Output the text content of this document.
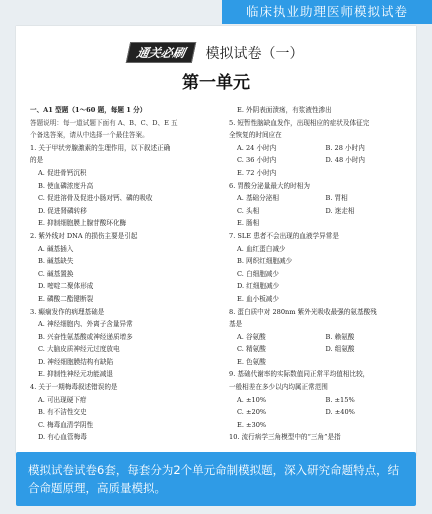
临床执业助理医师模拟试卷
通关必刷 模拟试卷（一）
第一单元
一、A1 型题（1～60 题，每题 1 分）
答题说明：每一道试题下面有 A、B、C、D、E 五
个备选答案，请从中选择一个最佳答案。
1. 关于甲状旁腺激素的生理作用，以下叙述正确
的是
A. 促进骨钙沉积
B. 使血磷浓度升高
C. 促进溶骨及促进小肠对钙、磷的吸收
D. 促进肾磷转移
E. 抑制细胞膜上腺苷酸环化酶
2. 紫外线对 DNA 的损伤主要是引起
A. 碱基插入
B. 碱基缺失
C. 碱基置换
D. 嘧啶二聚体形成
E. 磷酸二酯键断裂
3. 癫痫发作的病理基础是
A. 神经细胞内、外离子含量异常
B. 兴奋性氨基酸或神经递质增多
C. 大脑皮质神经元过度放电
D. 神经细胞膜结构有缺陷
E. 抑制性神经元功能减退
4. 关于一期梅毒叙述错误的是
A. 可出现硬下疳
B. 有不洁性交史
C. 梅毒血清学阴性
D. 有心血管梅毒
E. 外阴表面溃疡，有浆液性渗出
5. 短暂性脑缺血发作，出现相应的症状及体征完
全恢复的时间应在
A. 24 小时内	B. 28 小时内
C. 36 小时内	D. 48 小时内
E. 72 小时内
6. 胃酸分泌量最大的时相为
A. 基础分泌相	B. 胃相
C. 头相	D. 迷走相
E. 肠相
7. SLE 患者不会出现的血液学异常是
A. 血红蛋白减少
B. 网织红细胞减少
C. 白细胞减少
D. 红细胞减少
E. 血小板减少
8. 蛋白质中对 280nm 紫外光吸收最强的氨基酸残
基是
A. 谷氨酸	B. 赖氨酸
C. 精氨酸	D. 组氨酸
E. 色氨酸
9. 基础代谢率的实际数值同正常平均值相比较，
一般相差在多少以内均属正常范围
A. ±10%	B. ±15%
C. ±20%	D. ±40%
E. ±30%
10. 流行病学三角模型中的“三角”是指
模拟试卷试卷6套，每套分为2个单元命制模拟题，深入研究命题特点，结合命题原理，高质量模拟。
